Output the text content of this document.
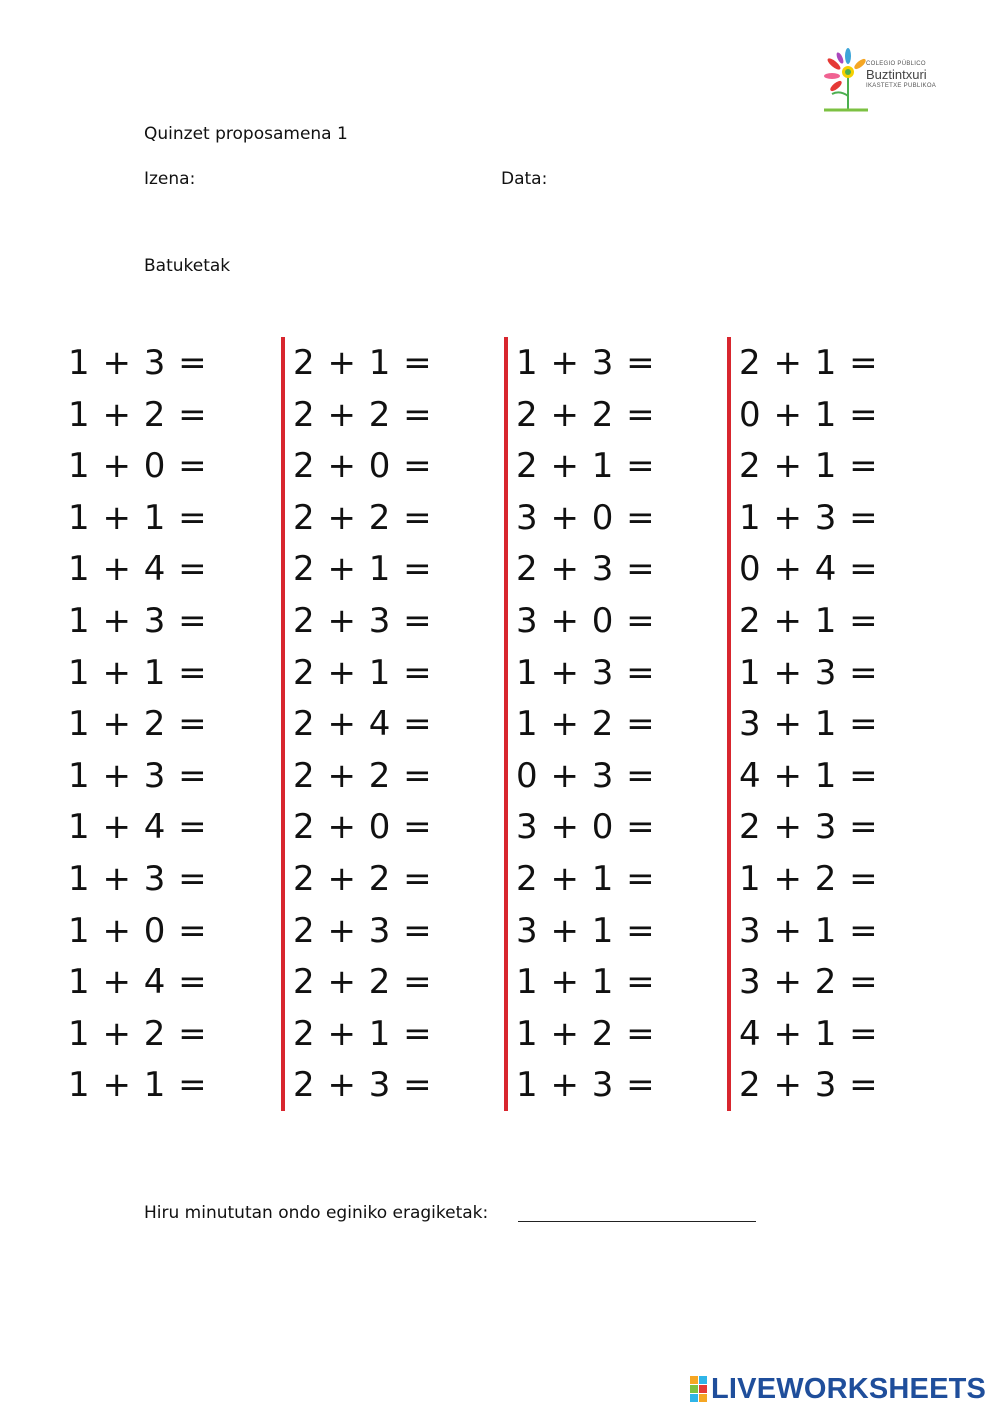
COLEGIO PÚBLICO
Buztintxuri
IKASTETXE PUBLIKOA
Quinzet proposamena 1
Izena:	Data:
Batuketak
1 + 3 =
1 + 2 =
1 + 0 =
1 + 1 =
1 + 4 =
1 + 3 =
1 + 1 =
1 + 2 =
1 + 3 =
1 + 4 =
1 + 3 =
1 + 0 =
1 + 4 =
1 + 2 =
1 + 1 =
2 + 1 =
2 + 2 =
2 + 0 =
2 + 2 =
2 + 1 =
2 + 3 =
2 + 1 =
2 + 4 =
2 + 2 =
2 + 0 =
2 + 2 =
2 + 3 =
2 + 2 =
2 + 1 =
2 + 3 =
1 + 3 =
2 + 2 =
2 + 1 =
3 + 0 =
2 + 3 =
3 + 0 =
1 + 3 =
1 + 2 =
0 + 3 =
3 + 0 =
2 + 1 =
3 + 1 =
1 + 1 =
1 + 2 =
1 + 3 =
2 + 1 =
0 + 1 =
2 + 1 =
1 + 3 =
0 + 4 =
2 + 1 =
1 + 3 =
3 + 1 =
4 + 1 =
2 + 3 =
1 + 2 =
3 + 1 =
3 + 2 =
4 + 1 =
2 + 3 =
Hiru minututan ondo eginiko eragiketak:
LIVEWORKSHEETS
